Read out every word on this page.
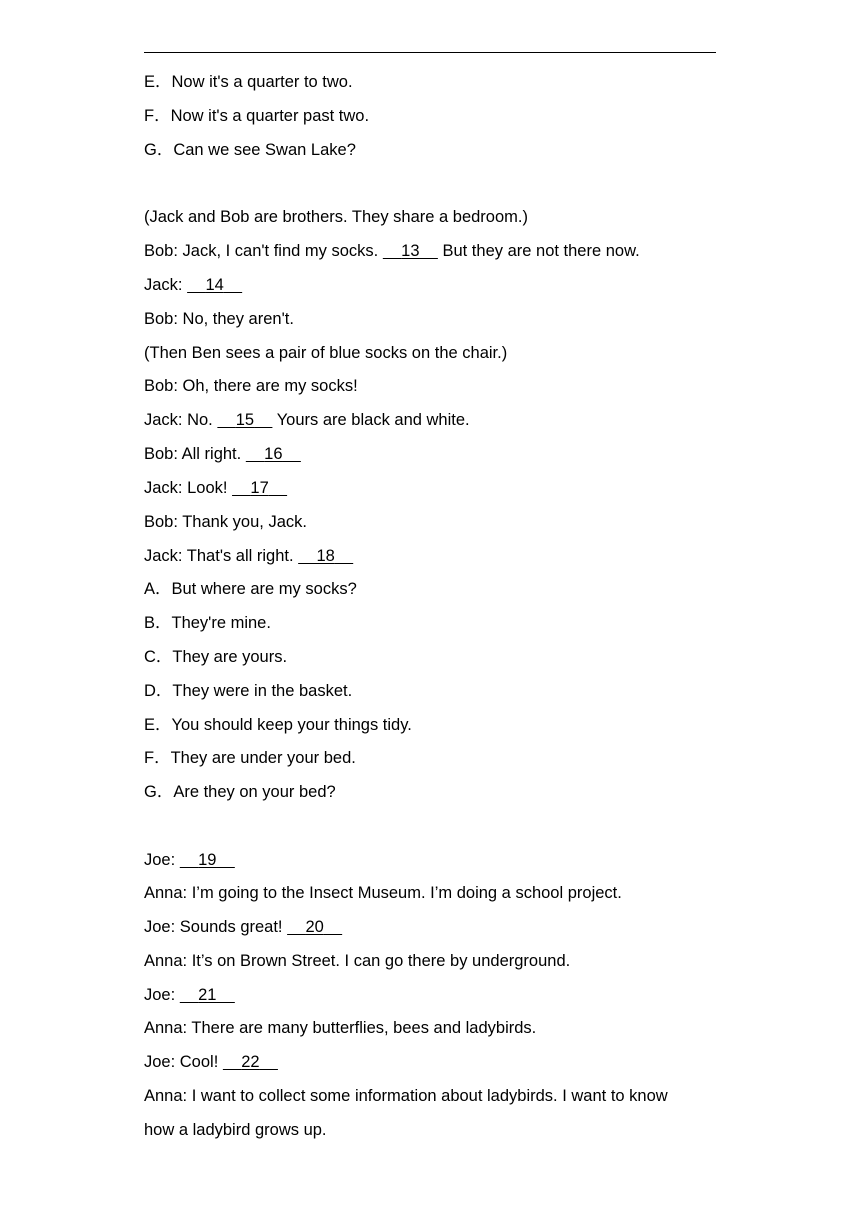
E．Now it's a quarter to two.
F．Now it's a quarter past two.
G．Can we see Swan Lake?
(Jack and Bob are brothers. They share a bedroom.)
Bob: Jack, I can't find my socks.     13     But they are not there now.
Jack:     14
Bob: No, they aren't.
(Then Ben sees a pair of blue socks on the chair.)
Bob: Oh, there are my socks!
Jack: No.     15     Yours are black and white.
Bob: All right.     16
Jack: Look!     17
Bob: Thank you, Jack.
Jack: That's all right.     18
A．But where are my socks?
B．They're mine.
C．They are yours.
D．They were in the basket.
E．You should keep your things tidy.
F．They are under your bed.
G．Are they on your bed?
Joe:     19
Anna: I’m going to the Insect Museum. I’m doing a school project.
Joe: Sounds great!     20
Anna: It’s on Brown Street. I can go there by underground.
Joe:     21
Anna: There are many butterflies, bees and ladybirds.
Joe: Cool!     22
Anna: I want to collect some information about ladybirds. I want to know
how a ladybird grows up.
